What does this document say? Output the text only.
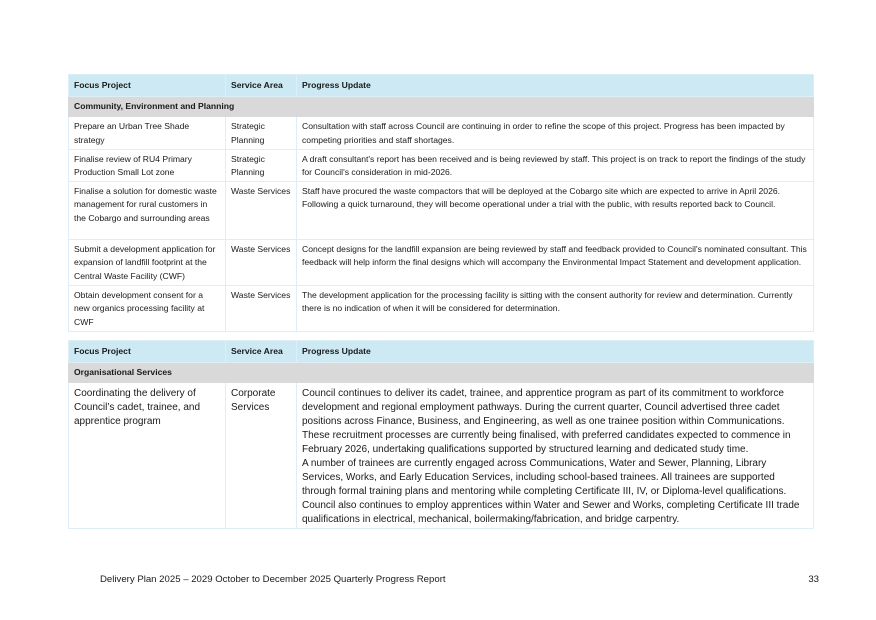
Focus Project	Service Area	Progress Update
Community, Environment and Planning		
Prepare an Urban Tree Shade strategy	Strategic Planning	Consultation with staff across Council are continuing in order to refine the scope of this project. Progress has been impacted by competing priorities and staff shortages.

Finalise review of RU4 Primary Production Small Lot zone	Strategic Planning	A draft consultant's report has been received and is being reviewed by staff. This project is on track to report the findings of the study for Council's consideration in mid-2026.

Finalise a solution for domestic waste management for rural customers in the Cobargo and surrounding areas	Waste Services	Staff have procured the waste compactors that will be deployed at the Cobargo site which are expected to arrive in April 2026. Following a quick turnaround, they will become operational under a trial with the public, with results reported back to Council.

Submit a development application for expansion of landfill footprint at the Central Waste Facility (CWF)	Waste Services	Concept designs for the landfill expansion are being reviewed by staff and feedback provided to Council's nominated consultant. This feedback will help inform the final designs which will accompany the Environmental Impact Statement and development application.

Obtain development consent for a new organics processing facility at CWF	Waste Services	The development application for the processing facility is sitting with the consent authority for review and determination. Currently there is no indication of when it will be considered for determination.
Focus Project	Service Area	Progress Update
Organisational Services		
Coordinating the delivery of Council’s cadet, trainee, and apprentice program	Corporate Services	Council continues to deliver its cadet, trainee, and apprentice program as part of its commitment to workforce development and regional employment pathways. During the current quarter, Council advertised three cadet positions across Finance, Business, and Engineering, as well as one trainee position within Communications. These recruitment processes are currently being finalised, with preferred candidates expected to commence in February 2026, undertaking qualifications supported by structured learning and dedicated study time.
A number of trainees are currently engaged across Communications, Water and Sewer, Planning, Library Services, Works, and Early Education Services, including school-based trainees. All trainees are supported through formal training plans and mentoring while completing Certificate III, IV, or Diploma-level qualifications.
Council also continues to employ apprentices within Water and Sewer and Works, completing Certificate III trade qualifications in electrical, mechanical, boilermaking/fabrication, and bridge carpentry.
Delivery Plan 2025 – 2029 October to December 2025 Quarterly Progress Report	33
